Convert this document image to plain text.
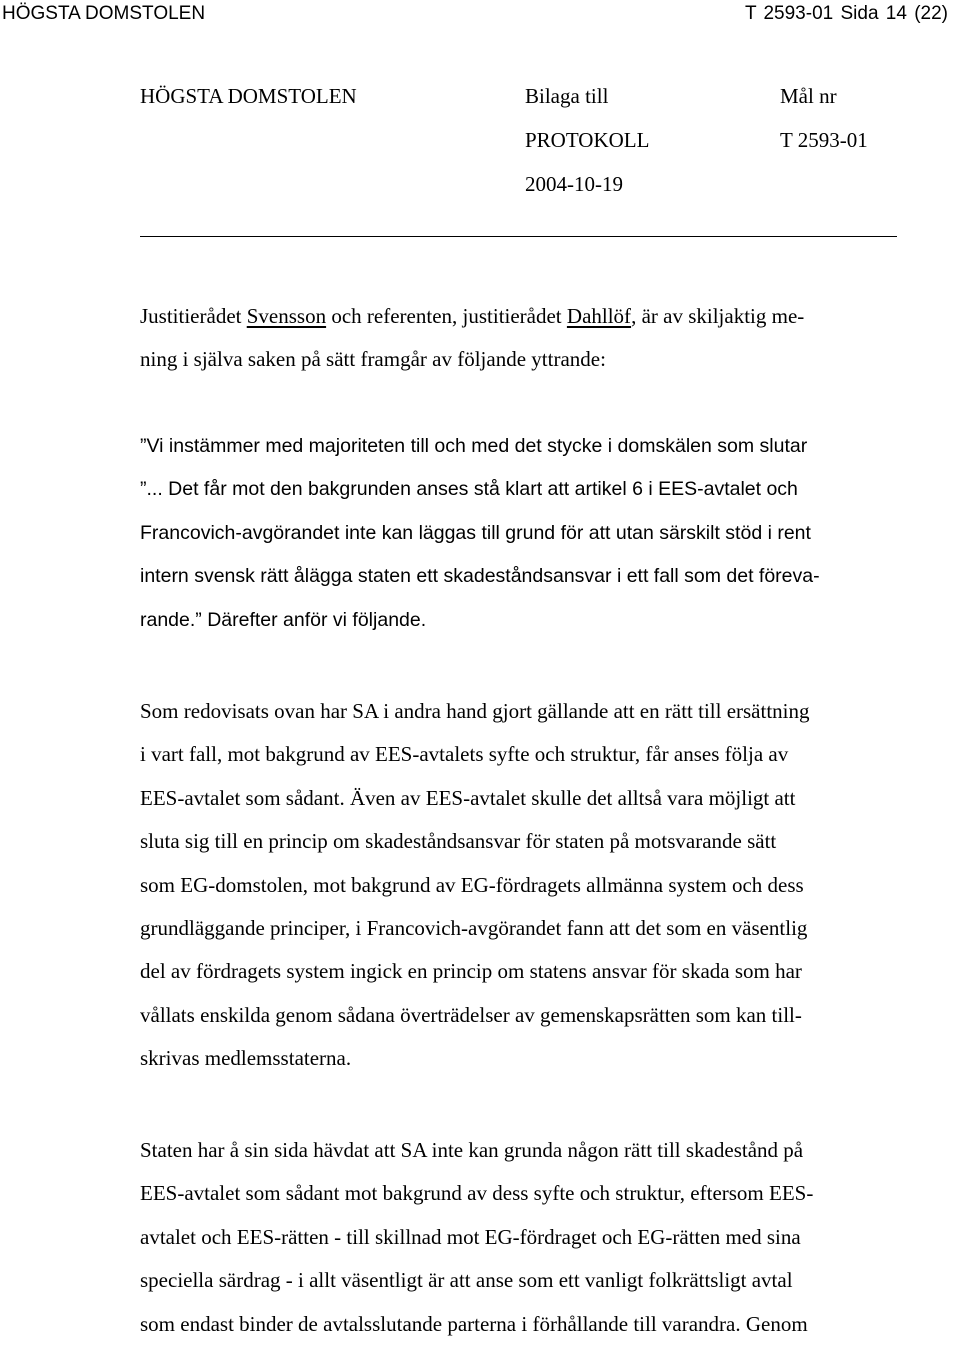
HÖGSTA DOMSTOLEN	T 2593-01 Sida 14 (22)
HÖGSTA DOMSTOLEN	Bilaga till
PROTOKOLL
2004-10-19
Mål nr
T 2593-01
Justitierådet Svensson och referenten, justitierådet Dahllöf, är av skiljaktig me-
ning i själva saken på sätt framgår av följande yttrande:
”Vi instämmer med majoriteten till och med det stycke i domskälen som slutar
”... Det får mot den bakgrunden anses stå klart att artikel 6 i EES-avtalet och
Francovich-avgörandet inte kan läggas till grund för att utan särskilt stöd i rent
intern svensk rätt ålägga staten ett skadeståndsansvar i ett fall som det föreva-
rande.” Därefter anför vi följande.
Som redovisats ovan har SA i andra hand gjort gällande att en rätt till ersättning
i vart fall, mot bakgrund av EES-avtalets syfte och struktur, får anses följa av
EES-avtalet som sådant. Även av EES-avtalet skulle det alltså vara möjligt att
sluta sig till en princip om skadeståndsansvar för staten på motsvarande sätt
som EG-domstolen, mot bakgrund av EG-fördragets allmänna system och dess
grundläggande principer, i Francovich-avgörandet fann att det som en väsentlig
del av fördragets system ingick en princip om statens ansvar för skada som har
vållats enskilda genom sådana överträdelser av gemenskapsrätten som kan till-
skrivas medlemsstaterna.
Staten har å sin sida hävdat att SA inte kan grunda någon rätt till skadestånd på
EES-avtalet som sådant mot bakgrund av dess syfte och struktur, eftersom EES-
avtalet och EES-rätten - till skillnad mot EG-fördraget och EG-rätten med sina
speciella särdrag - i allt väsentligt är att anse som ett vanligt folkrättsligt avtal
som endast binder de avtalsslutande parterna i förhållande till varandra. Genom
